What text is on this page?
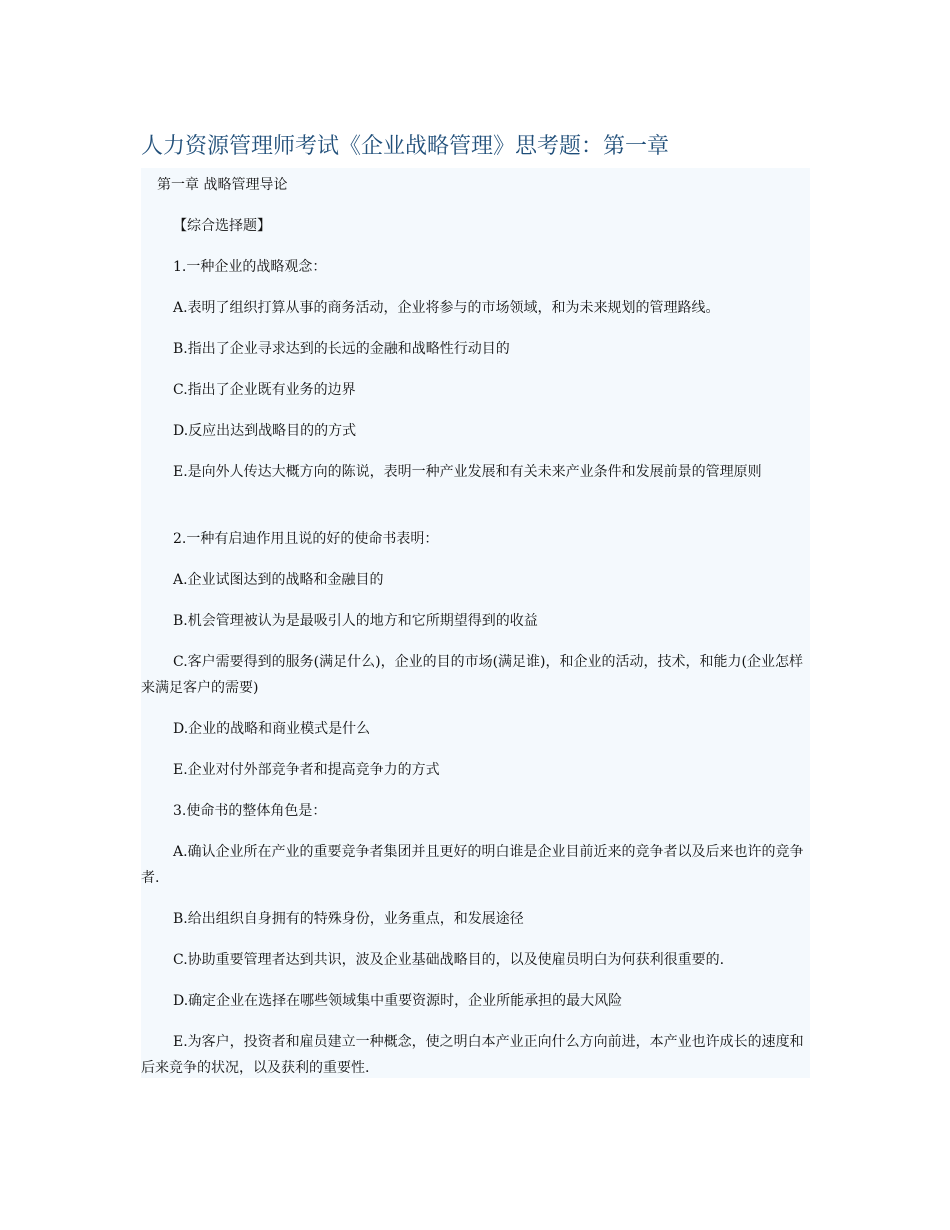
人力资源管理师考试《企业战略管理》思考题：第一章

第一章 战略管理导论

【综合选择题】

1.一种企业的战略观念：

A.表明了组织打算从事的商务活动，企业将参与的市场领域，和为未来规划的管理路线。

B.指出了企业寻求达到的长远的金融和战略性行动目的

C.指出了企业既有业务的边界

D.反应出达到战略目的的方式

E.是向外人传达大概方向的陈说，表明一种产业发展和有关未来产业条件和发展前景的管理原则

2.一种有启迪作用且说的好的使命书表明：

A.企业试图达到的战略和金融目的

B.机会管理被认为是最吸引人的地方和它所期望得到的收益

C.客户需要得到的服务(满足什么)，企业的目的市场(满足谁)，和企业的活动，技术，和能力(企业怎样来满足客户的需要)

D.企业的战略和商业模式是什么

E.企业对付外部竞争者和提高竞争力的方式

3.使命书的整体角色是：

A.确认企业所在产业的重要竞争者集团并且更好的明白谁是企业目前近来的竞争者以及后来也许的竞争者.

B.给出组织自身拥有的特殊身份，业务重点，和发展途径

C.协助重要管理者达到共识，波及企业基础战略目的，以及使雇员明白为何获利很重要的.

D.确定企业在选择在哪些领域集中重要资源时，企业所能承担的最大风险

E.为客户，投资者和雇员建立一种概念，使之明白本产业正向什么方向前进，本产业也许成长的速度和后来竞争的状况，以及获利的重要性.
